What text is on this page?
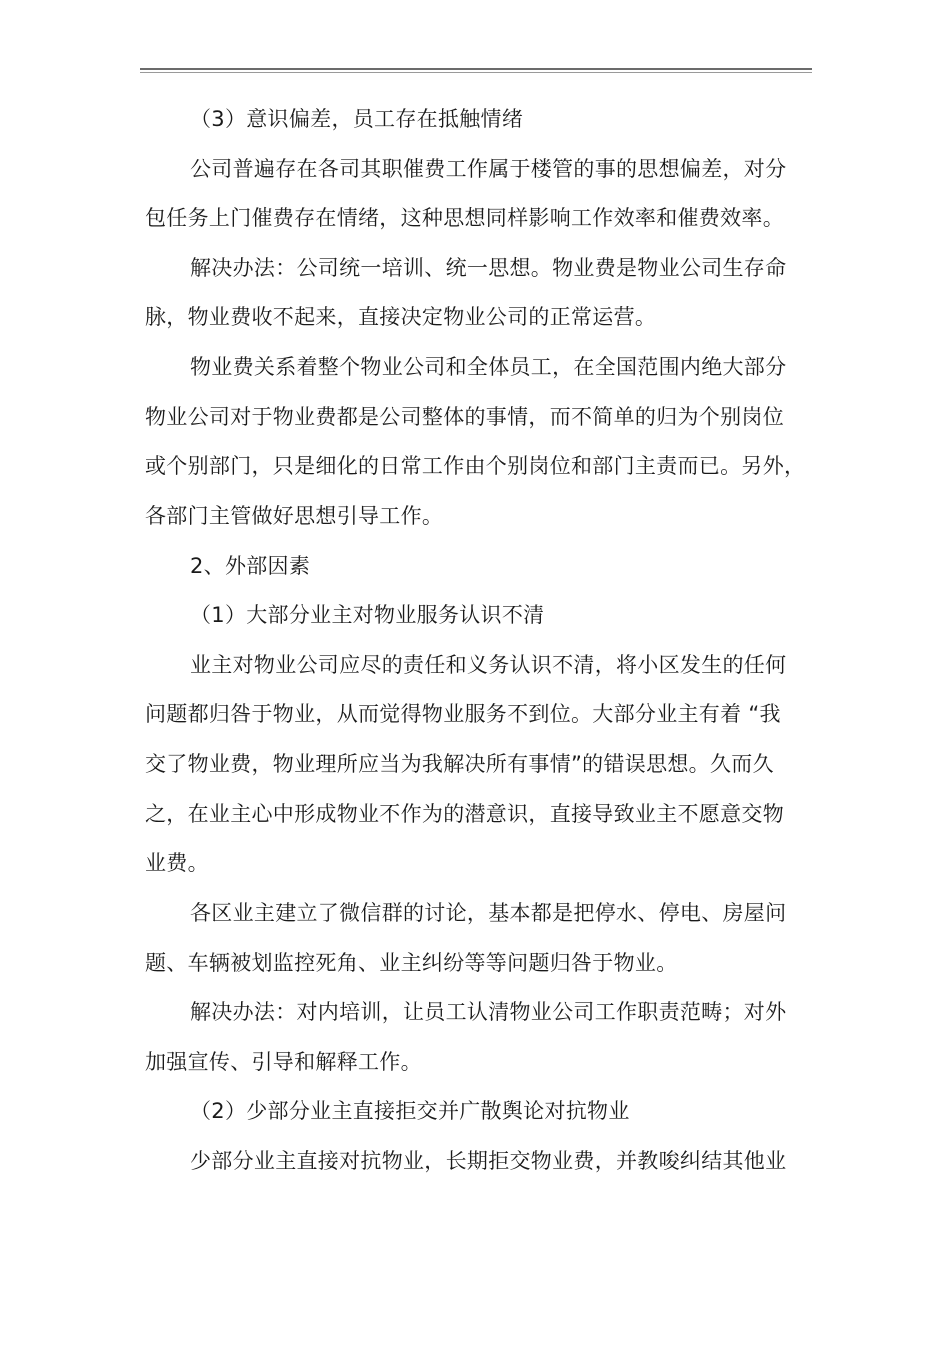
（3）意识偏差，员工存在抵触情绪
公司普遍存在各司其职催费工作属于楼管的事的思想偏差，对分
包任务上门催费存在情绪，这种思想同样影响工作效率和催费效率。
解决办法：公司统一培训、统一思想。物业费是物业公司生存命
脉，物业费收不起来，直接决定物业公司的正常运营。
物业费关系着整个物业公司和全体员工，在全国范围内绝大部分
物业公司对于物业费都是公司整体的事情，而不简单的归为个别岗位
或个别部门，只是细化的日常工作由个别岗位和部门主责而已。另外，
各部门主管做好思想引导工作。
2、外部因素
（1）大部分业主对物业服务认识不清
业主对物业公司应尽的责任和义务认识不清，将小区发生的任何
问题都归咎于物业，从而觉得物业服务不到位。大部分业主有着 “我
交了物业费，物业理所应当为我解决所有事情”的错误思想。久而久
之，在业主心中形成物业不作为的潜意识，直接导致业主不愿意交物
业费。
各区业主建立了微信群的讨论，基本都是把停水、停电、房屋问
题、车辆被划监控死角、业主纠纷等等问题归咎于物业。
解决办法：对内培训，让员工认清物业公司工作职责范畴；对外
加强宣传、引导和解释工作。
（2）少部分业主直接拒交并广散舆论对抗物业
少部分业主直接对抗物业，长期拒交物业费，并教唆纠结其他业
